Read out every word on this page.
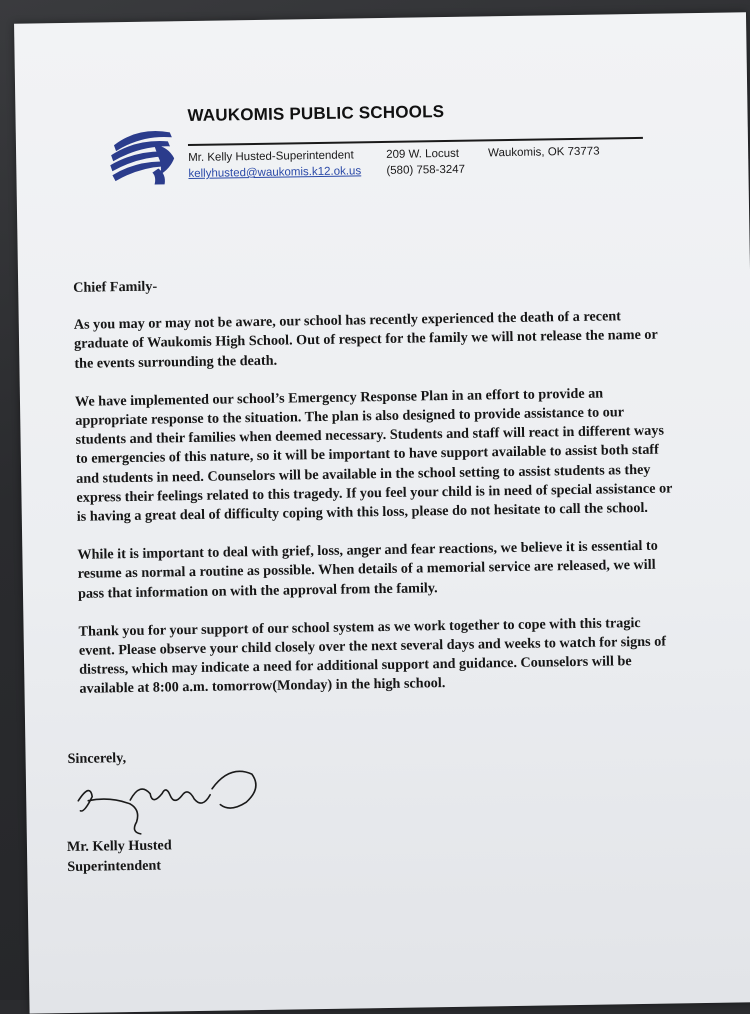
WAUKOMIS PUBLIC SCHOOLS
Mr. Kelly Husted-Superintendent	209 W. Locust	Waukomis, OK 73773
kellyhusted@waukomis.k12.ok.us (580) 758-3247

Chief Family-

As you may or may not be aware, our school has recently experienced the death of a recent graduate of Waukomis High School. Out of respect for the family we will not release the name or the events surrounding the death.

We have implemented our school’s Emergency Response Plan in an effort to provide an appropriate response to the situation. The plan is also designed to provide assistance to our students and their families when deemed necessary. Students and staff will react in different ways to emergencies of this nature, so it will be important to have support available to assist both staff and students in need. Counselors will be available in the school setting to assist students as they express their feelings related to this tragedy. If you feel your child is in need of special assistance or is having a great deal of difficulty coping with this loss, please do not hesitate to call the school.

While it is important to deal with grief, loss, anger and fear reactions, we believe it is essential to resume as normal a routine as possible. When details of a memorial service are released, we will pass that information on with the approval from the family.

Thank you for your support of our school system as we work together to cope with this tragic event. Please observe your child closely over the next several days and weeks to watch for signs of distress, which may indicate a need for additional support and guidance. Counselors will be available at 8:00 a.m. tomorrow(Monday) in the high school.

Sincerely,
Mr. Kelly Husted
Superintendent
